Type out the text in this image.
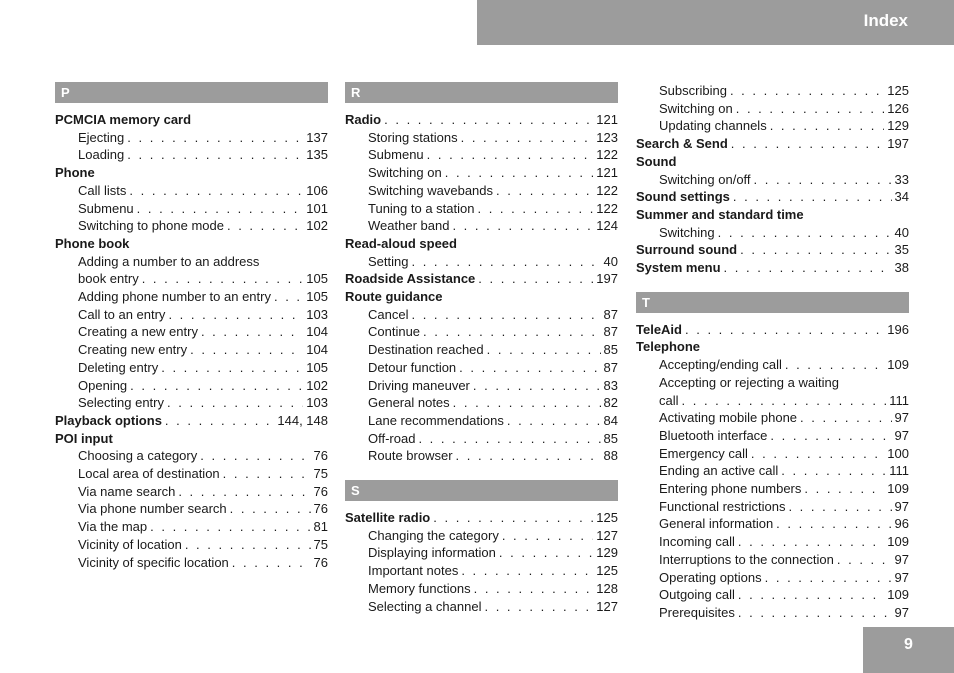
Index
P
PCMCIA memory card
Ejecting . . .	137
Loading . . .	135
Phone
Call lists . . .	106
Submenu . . .	101
Switching to phone mode . . .	102
Phone book
Adding a number to an address
book entry . . .	105
Adding phone number to an entry . . .	105
Call to an entry . . .	103
Creating a new entry . . .	104
Creating new entry . . .	104
Deleting entry . . .	105
Opening . . .	102
Selecting entry . . .	103
Playback options . . .	144, 148
POI input
Choosing a category . . .	76
Local area of destination . . .	75
Via name search . . .	76
Via phone number search . . .	76
Via the map . . .	81
Vicinity of location . . .	75
Vicinity of specific location . . .	76
R
Radio . . .	121
Storing stations . . .	123
Submenu . . .	122
Switching on . . .	121
Switching wavebands . . .	122
Tuning to a station . . .	122
Weather band . . .	124
Read-aloud speed
Setting . . .	40
Roadside Assistance . . .	197
Route guidance
Cancel . . .	87
Continue . . .	87
Destination reached . . .	85
Detour function . . .	87
Driving maneuver . . .	83
General notes . . .	82
Lane recommendations . . .	84
Off-road . . .	85
Route browser . . .	88
S
Satellite radio . . .	125
Changing the category . . .	127
Displaying information . . .	129
Important notes . . .	125
Memory functions . . .	128
Selecting a channel . . .	127
Subscribing . . .	125
Switching on . . .	126
Updating channels . . .	129
Search & Send . . .	197
Sound
Switching on/off . . .	33
Sound settings . . .	34
Summer and standard time
Switching . . .	40
Surround sound . . .	35
System menu . . .	38
T
TeleAid . . .	196
Telephone
Accepting/ending call . . .	109
Accepting or rejecting a waiting
call . . .	111
Activating mobile phone . . .	97
Bluetooth interface . . .	97
Emergency call . . .	100
Ending an active call . . .	111
Entering phone numbers . . .	109
Functional restrictions . . .	97
General information . . .	96
Incoming call . . .	109
Interruptions to the connection . . .	97
Operating options . . .	97
Outgoing call . . .	109
Prerequisites . . .	97
9
